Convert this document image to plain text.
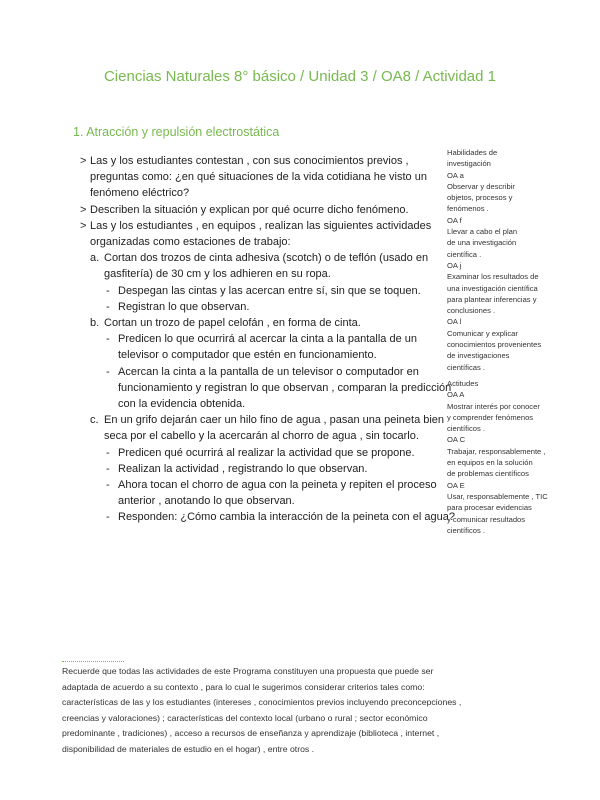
Ciencias Naturales 8° básico / Unidad 3 / OA8 / Actividad 1
1. Atracción y repulsión electrostática
> Las y los estudiantes contestan , con sus conocimientos previos ,
preguntas como: ¿en qué situaciones de la vida cotidiana he visto un
fenómeno eléctrico?
> Describen la situación y explican por qué ocurre dicho fenómeno.
> Las y los estudiantes , en equipos , realizan las siguientes actividades
organizadas como estaciones de trabajo:
a. Cortan dos trozos de cinta adhesiva (scotch) o de teflón (usado en
gasfitería) de 30 cm y los adhieren en su ropa.
- Despegan las cintas y las acercan entre sí, sin que se toquen.
- Registran lo que observan.
b. Cortan un trozo de papel celofán , en forma de cinta.
- Predicen lo que ocurrirá al acercar la cinta a la pantalla de un
televisor o computador que estén en funcionamiento.
- Acercan la cinta a la pantalla de un televisor o computador en
funcionamiento y registran lo que observan , comparan la predicción
con la evidencia obtenida.
c. En un grifo dejarán caer un hilo fino de agua , pasan una peineta bien
seca por el cabello y la acercarán al chorro de agua , sin tocarlo.
- Predicen qué ocurrirá al realizar la actividad que se propone.
- Realizan la actividad , registrando lo que observan.
- Ahora tocan el chorro de agua con la peineta y repiten el proceso
anterior , anotando lo que observan.
- Responden: ¿Cómo cambia la interacción de la peineta con el agua?
Habilidades de
investigación
OA a
Observar y describir
objetos, procesos y
fenómenos .
OA f
Llevar a cabo el plan
de una investigación
científica .
OA j
Examinar los resultados de
una investigación científica
para plantear inferencias y
conclusiones .
OA l
Comunicar y explicar
conocimientos provenientes
de investigaciones
científicas .
Actitudes
OA A
Mostrar interés por conocer
y comprender fenómenos
científicos .
OA C
Trabajar, responsablemente ,
en equipos en la solución
de problemas científicos
OA E
Usar, responsablemente , TIC
para procesar evidencias
y comunicar resultados
científicos .
Recuerde que todas las actividades de este Programa constituyen una propuesta que puede ser
adaptada de acuerdo a su contexto , para lo cual le sugerimos considerar criterios tales como:
características de las y los estudiantes (intereses , conocimientos previos incluyendo preconcepciones ,
creencias y valoraciones) ; características del contexto local (urbano o rural ; sector económico
predominante , tradiciones) , acceso a recursos de enseñanza y aprendizaje (biblioteca , internet ,
disponibilidad de materiales de estudio en el hogar) , entre otros .
